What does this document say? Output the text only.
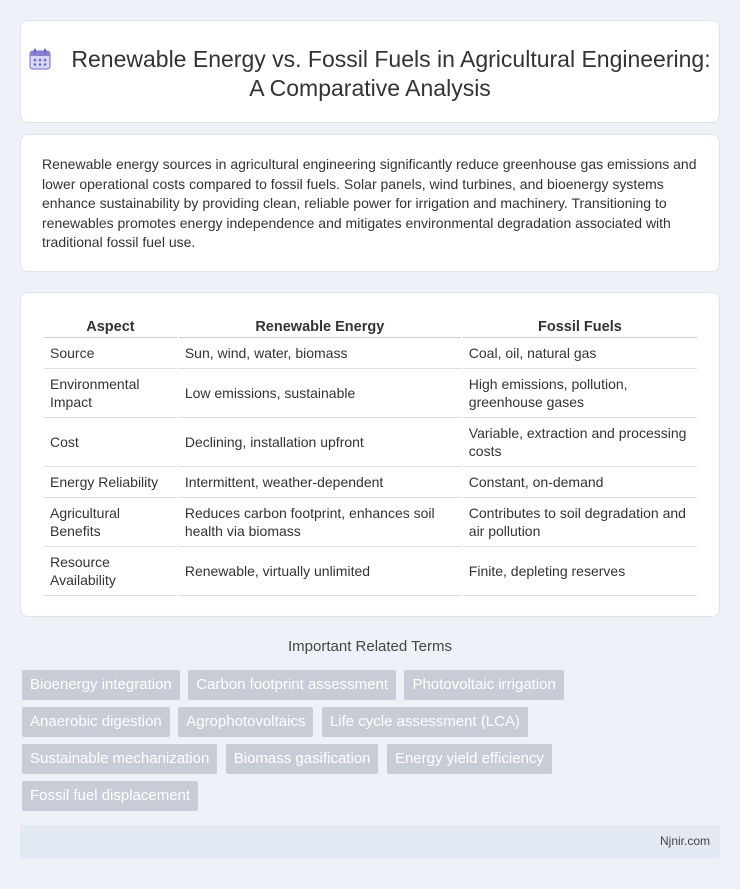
Renewable Energy vs. Fossil Fuels in Agricultural Engineering: A Comparative Analysis

Renewable energy sources in agricultural engineering significantly reduce greenhouse gas emissions and lower operational costs compared to fossil fuels. Solar panels, wind turbines, and bioenergy systems enhance sustainability by providing clean, reliable power for irrigation and machinery. Transitioning to renewables promotes energy independence and mitigates environmental degradation associated with traditional fossil fuel use.

Aspect	Renewable Energy	Fossil Fuels
Source	Sun, wind, water, biomass	Coal, oil, natural gas
Environmental Impact	Low emissions, sustainable	High emissions, pollution, greenhouse gases
Cost	Declining, installation upfront	Variable, extraction and processing costs
Energy Reliability	Intermittent, weather-dependent	Constant, on-demand
Agricultural Benefits	Reduces carbon footprint, enhances soil health via biomass	Contributes to soil degradation and air pollution
Resource Availability	Renewable, virtually unlimited	Finite, depleting reserves
Important Related Terms
Bioenergy integration Carbon footprint assessment Photovoltaic irrigation Anaerobic digestion Agrophotovoltaics Life cycle assessment (LCA) Sustainable mechanization Biomass gasification Energy yield efficiency Fossil fuel displacement
Njnir.com
